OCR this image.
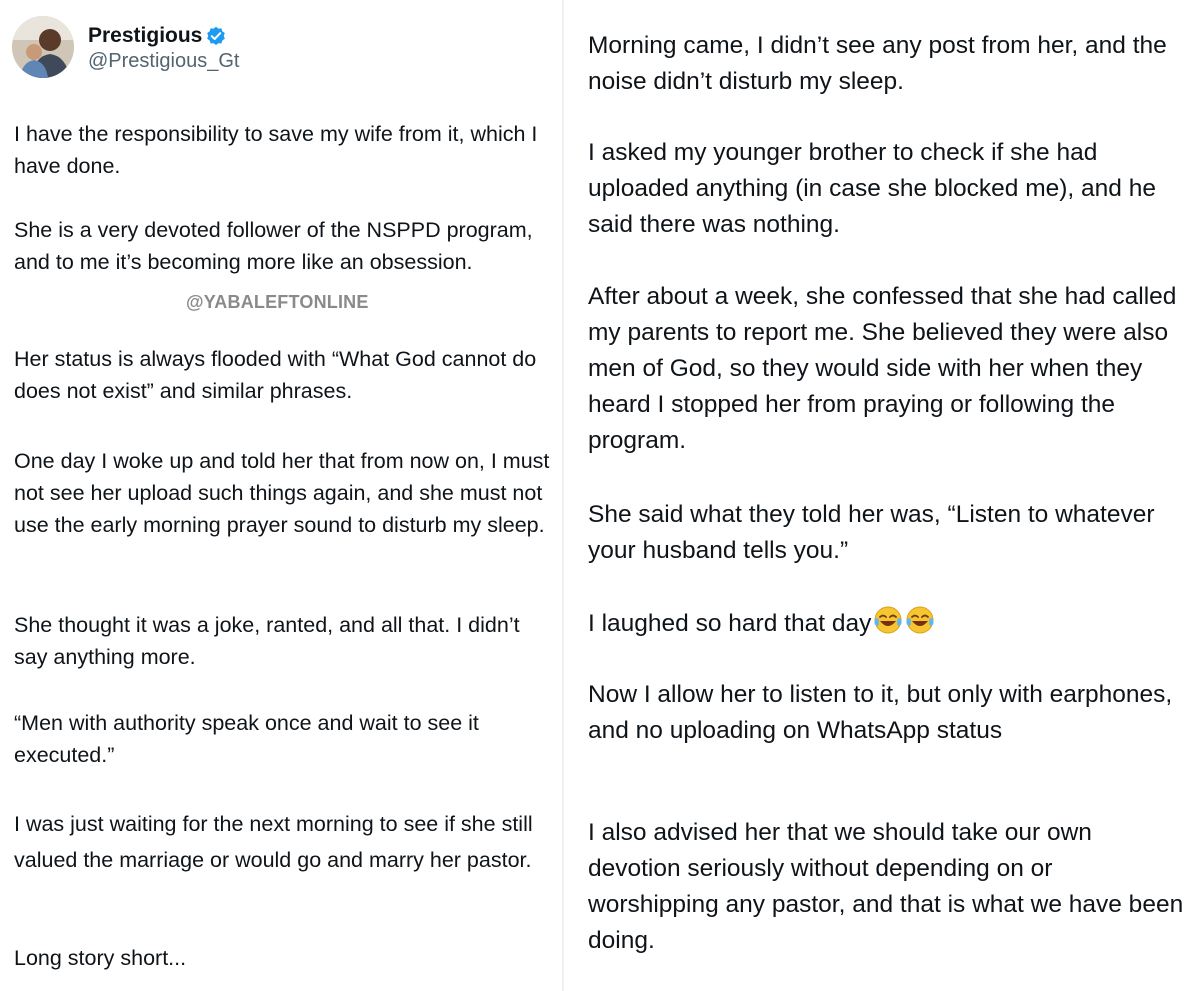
Prestigious
@Prestigious_Gt

I have the responsibility to save my wife from it, which I have done.

She is a very devoted follower of the NSPPD program, and to me it’s becoming more like an obsession.

Her status is always flooded with “What God cannot do does not exist” and similar phrases.

One day I woke up and told her that from now on, I must not see her upload such things again, and she must not use the early morning prayer sound to disturb my sleep.

She thought it was a joke, ranted, and all that. I didn’t say anything more.

“Men with authority speak once and wait to see it executed.”

I was just waiting for the next morning to see if she still valued the marriage or would go and marry her pastor.

Long story short...

@YABALEFTONLINE

Morning came, I didn’t see any post from her, and the noise didn’t disturb my sleep.

I asked my younger brother to check if she had uploaded anything (in case she blocked me), and he said there was nothing.

After about a week, she confessed that she had called my parents to report me. She believed they were also men of God, so they would side with her when they heard I stopped her from praying or following the program.

She said what they told her was, “Listen to whatever your husband tells you.”

I laughed so hard that day

Now I allow her to listen to it, but only with earphones, and no uploading on WhatsApp status

I also advised her that we should take our own devotion seriously without depending on or worshipping any pastor, and that is what we have been doing.
